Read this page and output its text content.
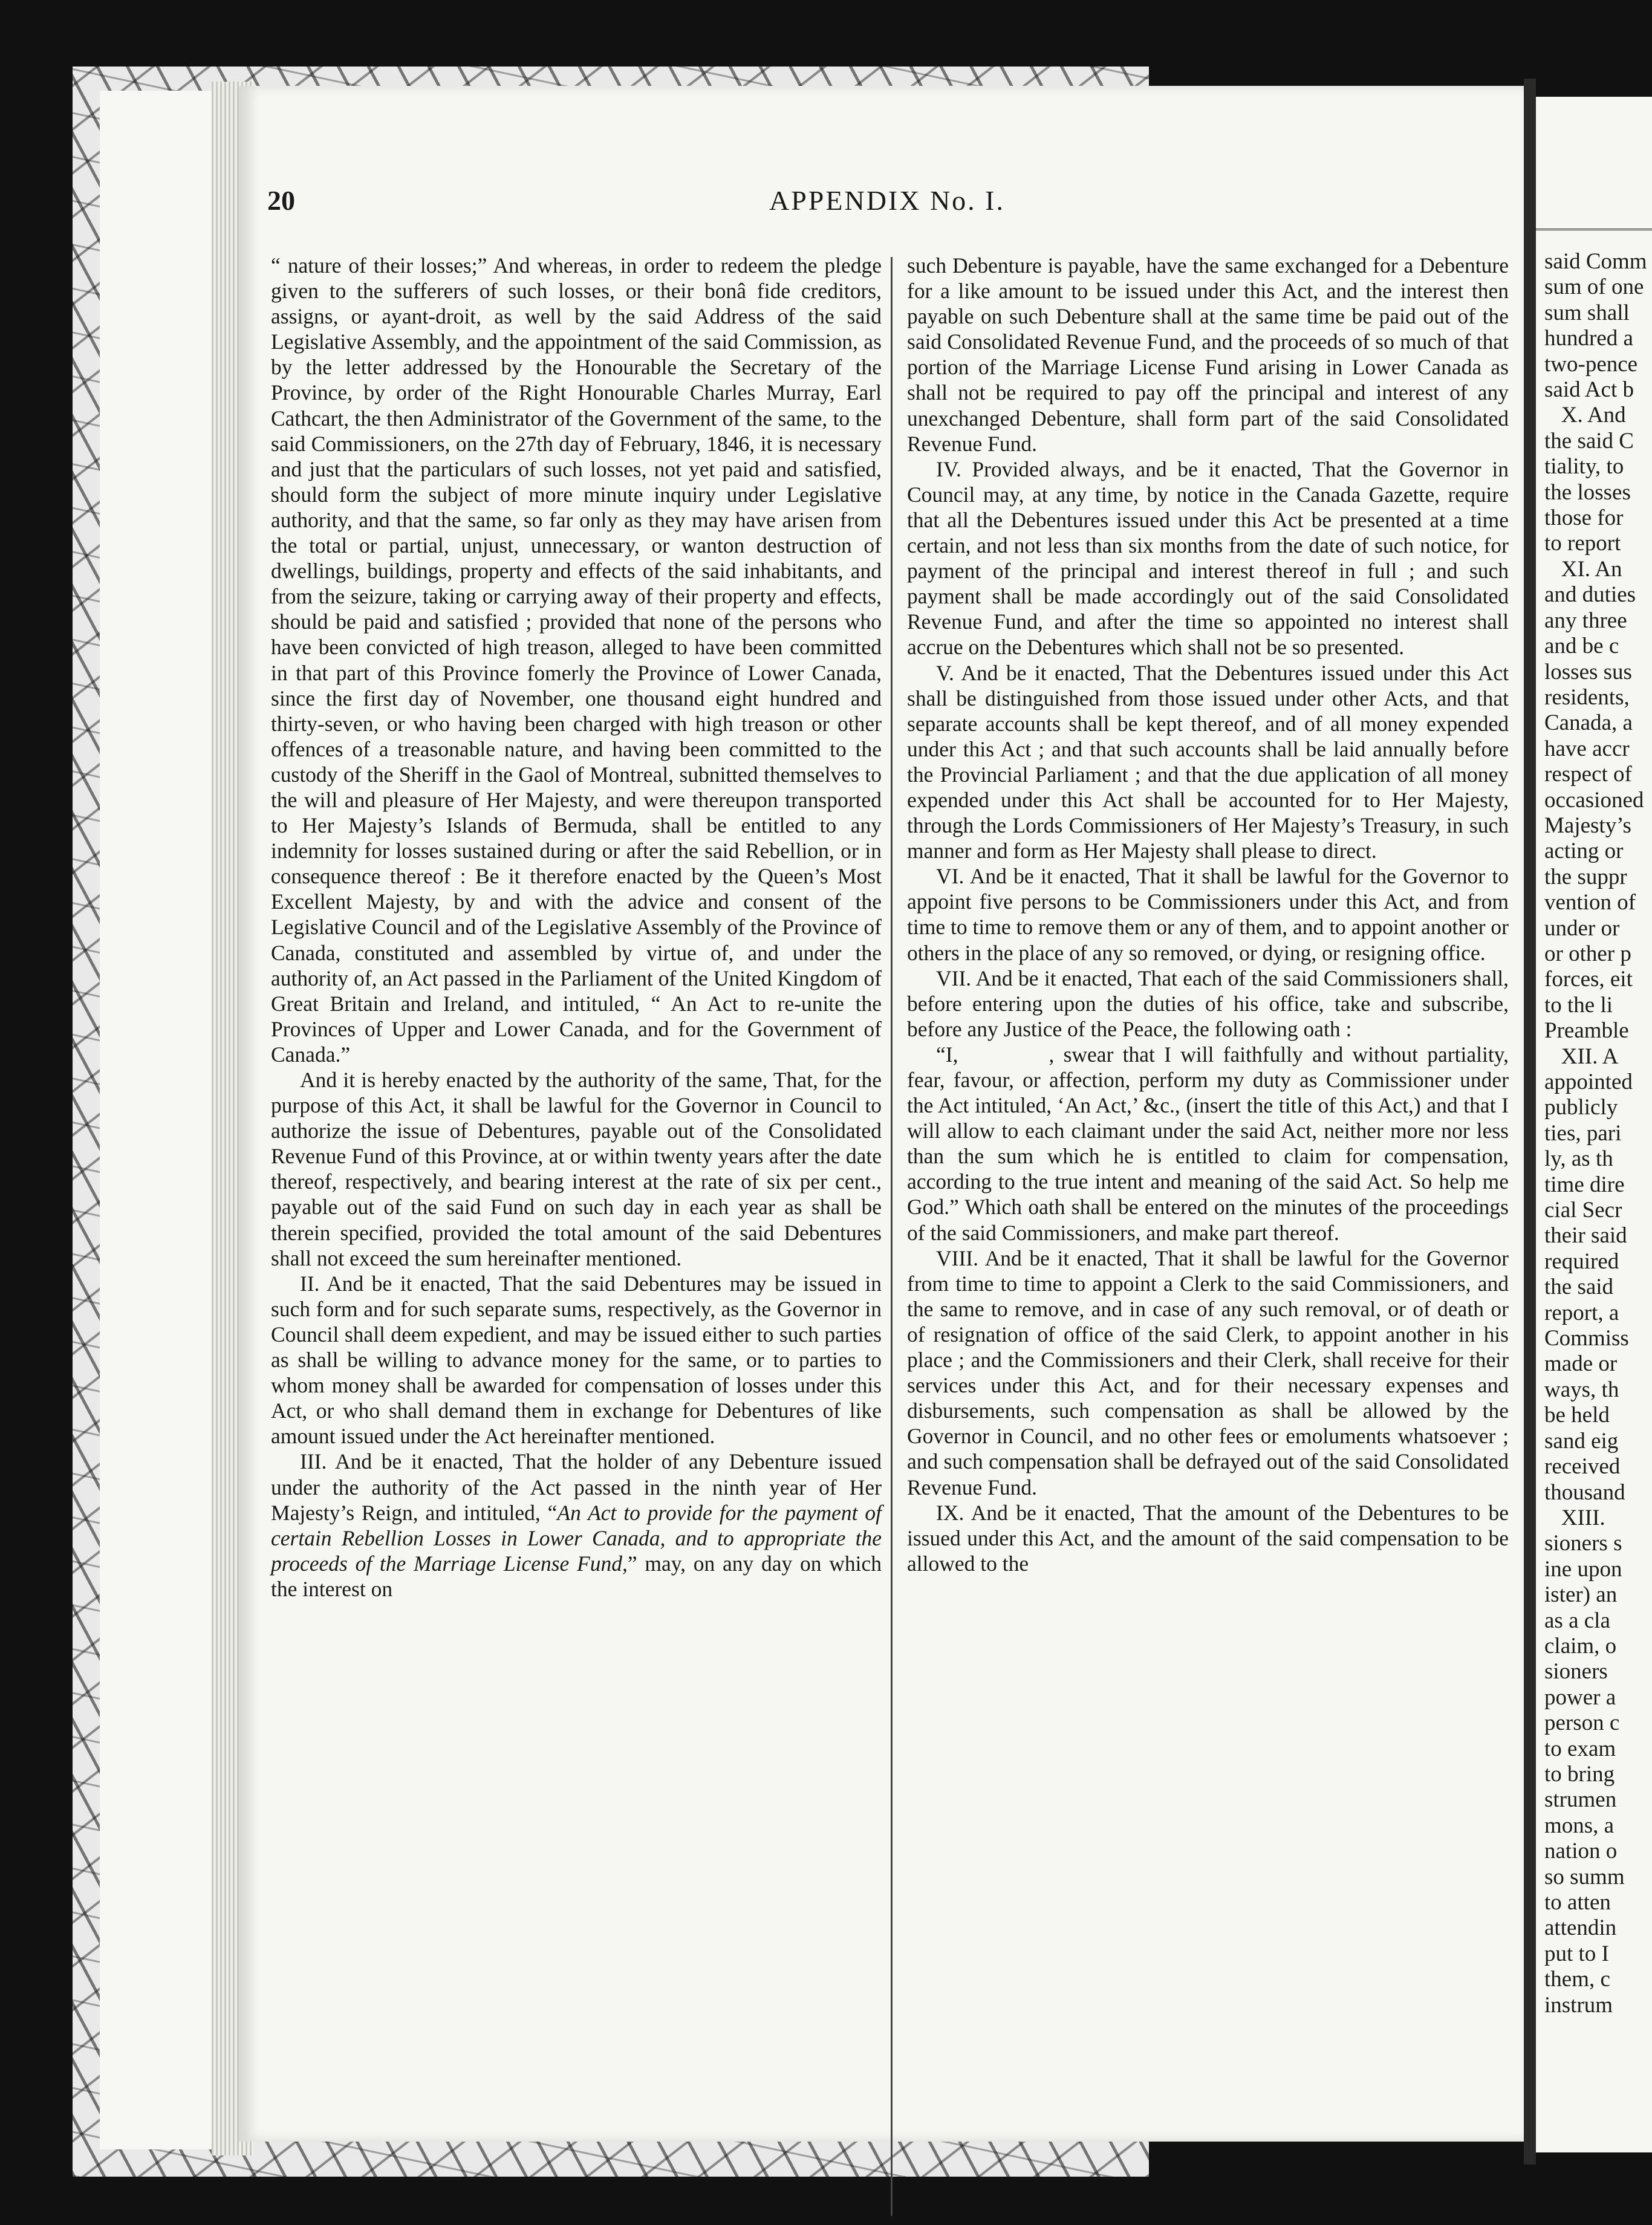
20	APPENDIX No. I.

“ nature of their losses;” And whereas, in order to redeem the pledge given to the sufferers of such losses, or their bonâ fide creditors, assigns, or ayant-droit, as well by the said Address of the said Legislative Assembly, and the appointment of the said Commission, as by the letter addressed by the Honourable the Secretary of the Province, by order of the Right Honourable Charles Murray, Earl Cathcart, the then Administrator of the Government of the same, to the said Commissioners, on the 27th day of February, 1846, it is necessary and just that the particulars of such losses, not yet paid and satisfied, should form the subject of more minute inquiry under Legislative authority, and that the same, so far only as they may have arisen from the total or partial, unjust, unnecessary, or wanton destruction of dwellings, buildings, property and effects of the said inhabitants, and from the seizure, taking or carrying away of their property and effects, should be paid and satisfied ; provided that none of the persons who have been convicted of high treason, alleged to have been committed in that part of this Province fomerly the Province of Lower Canada, since the first day of November, one thousand eight hundred and thirty-seven, or who having been charged with high treason or other offences of a treasonable nature, and having been committed to the custody of the Sheriff in the Gaol of Montreal, subnitted themselves to the will and pleasure of Her Majesty, and were thereupon transported to Her Majesty’s Islands of Bermuda, shall be entitled to any indemnity for losses sustained during or after the said Rebellion, or in consequence thereof : Be it therefore enacted by the Queen’s Most Excellent Majesty, by and with the advice and consent of the Legislative Council and of the Legislative Assembly of the Province of Canada, constituted and assembled by virtue of, and under the authority of, an Act passed in the Parliament of the United Kingdom of Great Britain and Ireland, and intituled, “ An Act to re-unite the Provinces of Upper and Lower Canada, and for the Government of Canada.”

And it is hereby enacted by the authority of the same, That, for the purpose of this Act, it shall be lawful for the Governor in Council to authorize the issue of Debentures, payable out of the Consolidated Revenue Fund of this Province, at or within twenty years after the date thereof, respectively, and bearing interest at the rate of six per cent., payable out of the said Fund on such day in each year as shall be therein specified, provided the total amount of the said Debentures shall not exceed the sum hereinafter mentioned.

II. And be it enacted, That the said Debentures may be issued in such form and for such separate sums, respectively, as the Governor in Council shall deem expedient, and may be issued either to such parties as shall be willing to advance money for the same, or to parties to whom money shall be awarded for compensation of losses under this Act, or who shall demand them in exchange for Debentures of like amount issued under the Act hereinafter mentioned.

III. And be it enacted, That the holder of any Debenture issued under the authority of the Act passed in the ninth year of Her Majesty’s Reign, and intituled, “An Act to provide for the payment of certain Rebellion Losses in Lower Canada, and to appropriate the proceeds of the Marriage License Fund,” may, on any day on which the interest on

such Debenture is payable, have the same exchanged for a Debenture for a like amount to be issued under this Act, and the interest then payable on such Debenture shall at the same time be paid out of the said Consolidated Revenue Fund, and the proceeds of so much of that portion of the Marriage License Fund arising in Lower Canada as shall not be required to pay off the principal and interest of any unexchanged Debenture, shall form part of the said Consolidated Revenue Fund.

IV. Provided always, and be it enacted, That the Governor in Council may, at any time, by notice in the Canada Gazette, require that all the Debentures issued under this Act be presented at a time certain, and not less than six months from the date of such notice, for payment of the principal and interest thereof in full ; and such payment shall be made accordingly out of the said Consolidated Revenue Fund, and after the time so appointed no interest shall accrue on the Debentures which shall not be so presented.

V. And be it enacted, That the Debentures issued under this Act shall be distinguished from those issued under other Acts, and that separate accounts shall be kept thereof, and of all money expended under this Act ; and that such accounts shall be laid annually before the Provincial Parliament ; and that the due application of all money expended under this Act shall be accounted for to Her Majesty, through the Lords Commissioners of Her Majesty’s Treasury, in such manner and form as Her Majesty shall please to direct.

VI. And be it enacted, That it shall be lawful for the Governor to appoint five persons to be Commissioners under this Act, and from time to time to remove them or any of them, and to appoint another or others in the place of any so removed, or dying, or resigning office.

VII. And be it enacted, That each of the said Commissioners shall, before entering upon the duties of his office, take and subscribe, before any Justice of the Peace, the following oath :

“I,	, swear that I will faithfully and without partiality, fear, favour, or affection, perform my duty as Commissioner under the Act intituled, ‘An Act,’ &c., (insert the title of this Act,) and that I will allow to each claimant under the said Act, neither more nor less than the sum which he is entitled to claim for compensation, according to the true intent and meaning of the said Act. So help me God.” Which oath shall be entered on the minutes of the proceedings of the said Commissioners, and make part thereof.

VIII. And be it enacted, That it shall be lawful for the Governor from time to time to appoint a Clerk to the said Commissioners, and the same to remove, and in case of any such removal, or of death or of resignation of office of the said Clerk, to appoint another in his place ; and the Commissioners and their Clerk, shall receive for their services under this Act, and for their necessary expenses and disbursements, such compensation as shall be allowed by the Governor in Council, and no other fees or emoluments whatsoever ; and such compensation shall be defrayed out of the said Consolidated Revenue Fund.

IX. And be it enacted, That the amount of the Debentures to be issued under this Act, and the amount of the said compensation to be allowed to the

said Comm
sum of one
sum shall
hundred a
two-pence
said Act b
X. And
the said C
tiality, to
the losses
those for
to report
XI. An
and duties
any three
and be c
losses sus
residents,
Canada, a
have accr
respect of
occasioned
Majesty’s
acting or
the suppr
vention of
under or
or other p
forces, eit
to the li
Preamble
XII. A
appointed
publicly
ties, pari
ly, as th
time dire
cial Secr
their said
required
the said
report, a
Commiss
made or
ways, th
be held
sand eig
received
thousand
XIII.
sioners s
ine upon
ister) an
as a cla
claim, o
sioners
power a
person c
to exam
to bring
strumen
mons, a
nation o
so summ
to atten
attendin
put to I
them, c
instrum
